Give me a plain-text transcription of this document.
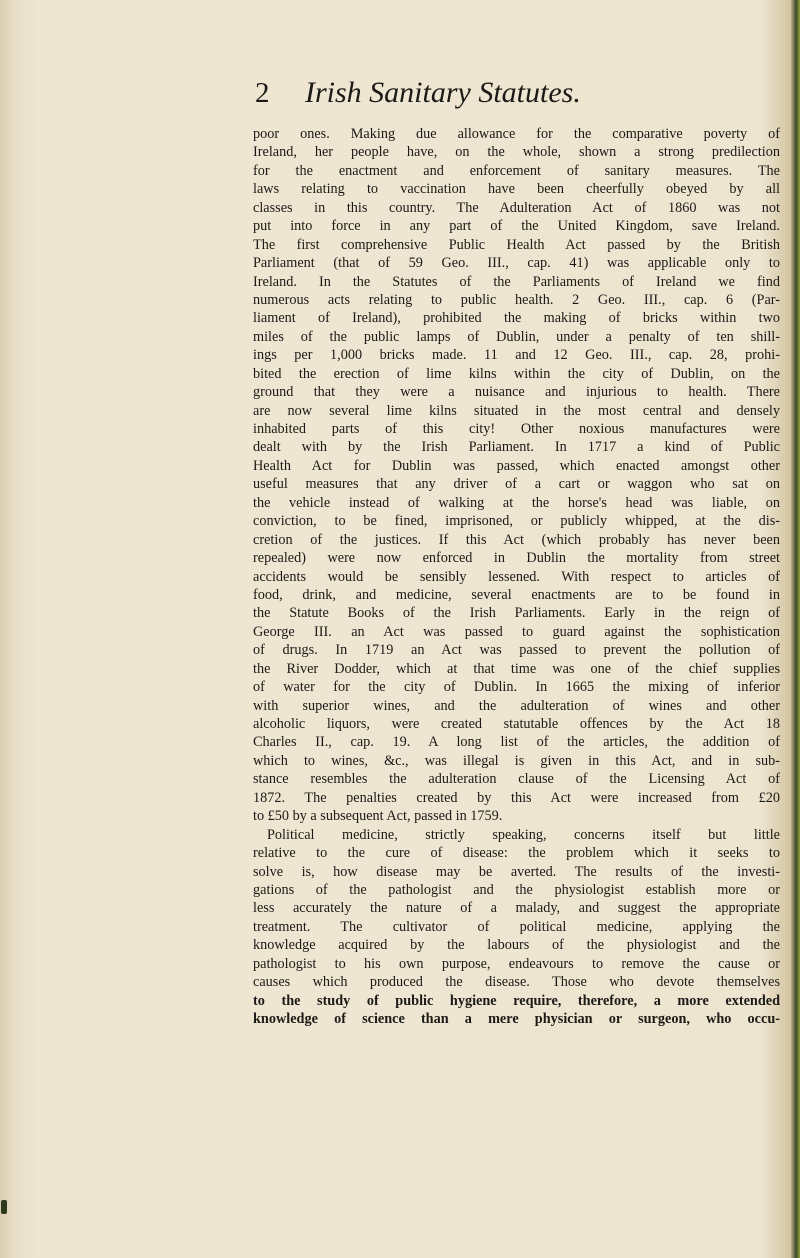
2 Irish Sanitary Statutes.
poor ones. Making due allowance for the comparative poverty of
Ireland, her people have, on the whole, shown a strong predilection
for the enactment and enforcement of sanitary measures. The
laws relating to vaccination have been cheerfully obeyed by all
classes in this country. The Adulteration Act of 1860 was not
put into force in any part of the United Kingdom, save Ireland.
The first comprehensive Public Health Act passed by the British
Parliament (that of 59 Geo. III., cap. 41) was applicable only to
Ireland. In the Statutes of the Parliaments of Ireland we find
numerous acts relating to public health. 2 Geo. III., cap. 6 (Par-
liament of Ireland), prohibited the making of bricks within two
miles of the public lamps of Dublin, under a penalty of ten shill-
ings per 1,000 bricks made. 11 and 12 Geo. III., cap. 28, prohi-
bited the erection of lime kilns within the city of Dublin, on the
ground that they were a nuisance and injurious to health. There
are now several lime kilns situated in the most central and densely
inhabited parts of this city! Other noxious manufactures were
dealt with by the Irish Parliament. In 1717 a kind of Public
Health Act for Dublin was passed, which enacted amongst other
useful measures that any driver of a cart or waggon who sat on
the vehicle instead of walking at the horse's head was liable, on
conviction, to be fined, imprisoned, or publicly whipped, at the dis-
cretion of the justices. If this Act (which probably has never been
repealed) were now enforced in Dublin the mortality from street
accidents would be sensibly lessened. With respect to articles of
food, drink, and medicine, several enactments are to be found in
the Statute Books of the Irish Parliaments. Early in the reign of
George III. an Act was passed to guard against the sophistication
of drugs. In 1719 an Act was passed to prevent the pollution of
the River Dodder, which at that time was one of the chief supplies
of water for the city of Dublin. In 1665 the mixing of inferior
with superior wines, and the adulteration of wines and other
alcoholic liquors, were created statutable offences by the Act 18
Charles II., cap. 19. A long list of the articles, the addition of
which to wines, &c., was illegal is given in this Act, and in sub-
stance resembles the adulteration clause of the Licensing Act of
1872. The penalties created by this Act were increased from £20
to £50 by a subsequent Act, passed in 1759.
Political medicine, strictly speaking, concerns itself but little
relative to the cure of disease: the problem which it seeks to
solve is, how disease may be averted. The results of the investi-
gations of the pathologist and the physiologist establish more or
less accurately the nature of a malady, and suggest the appropriate
treatment. The cultivator of political medicine, applying the
knowledge acquired by the labours of the physiologist and the
pathologist to his own purpose, endeavours to remove the cause or
causes which produced the disease. Those who devote themselves
to the study of public hygiene require, therefore, a more extended
knowledge of science than a mere physician or surgeon, who occu-
